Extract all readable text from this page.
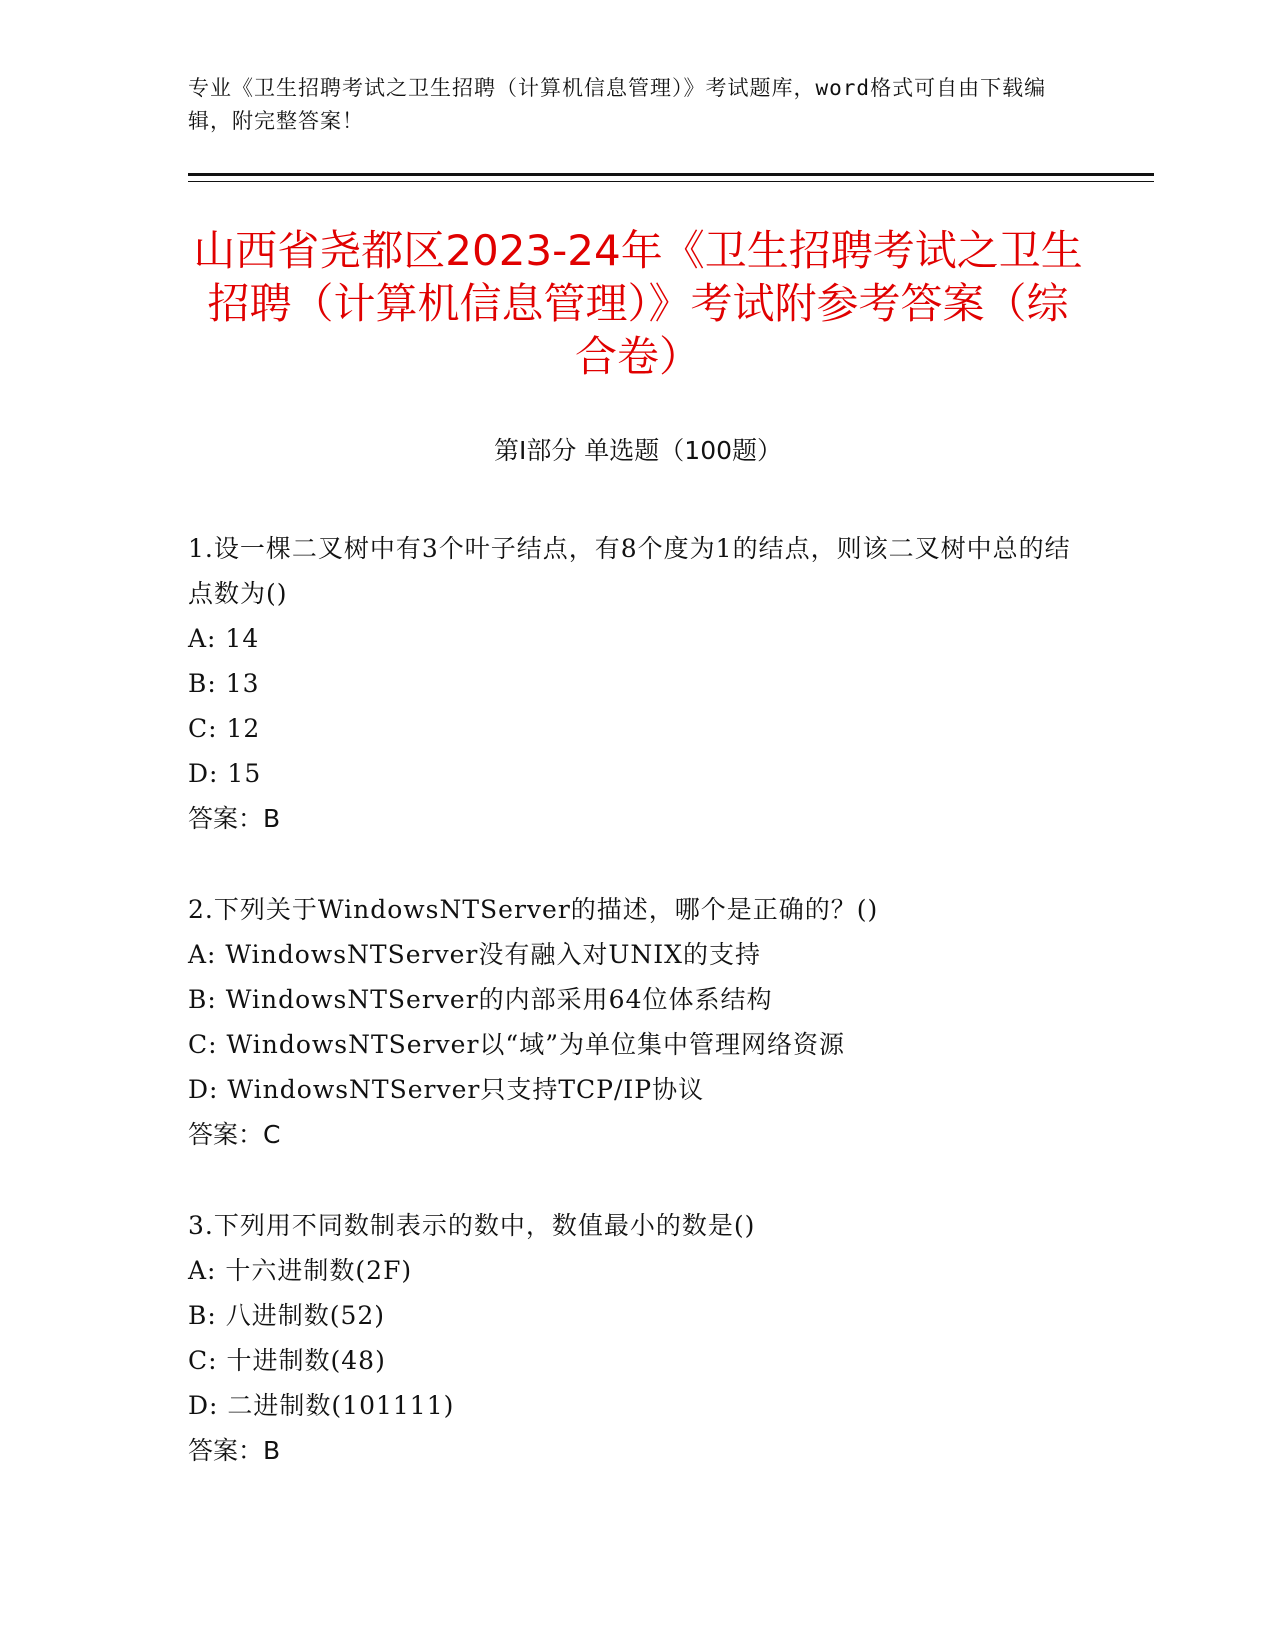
专业《卫生招聘考试之卫生招聘（计算机信息管理）》考试题库，word格式可自由下载编辑，附完整答案！
山西省尧都区2023-24年《卫生招聘考试之卫生招聘（计算机信息管理）》考试附参考答案（综合卷）
第I部分 单选题（100题）
1.设一棵二叉树中有3个叶子结点，有8个度为1的结点，则该二叉树中总的结点数为()
A: 14
B: 13
C: 12
D: 15
答案：B
2.下列关于WindowsNTServer的描述，哪个是正确的？()
A: WindowsNTServer没有融入对UNIX的支持
B: WindowsNTServer的内部采用64位体系结构
C: WindowsNTServer以“域”为单位集中管理网络资源
D: WindowsNTServer只支持TCP/IP协议
答案：C
3.下列用不同数制表示的数中，数值最小的数是()
A: 十六进制数(2F)
B: 八进制数(52)
C: 十进制数(48)
D: 二进制数(101111)
答案：B
